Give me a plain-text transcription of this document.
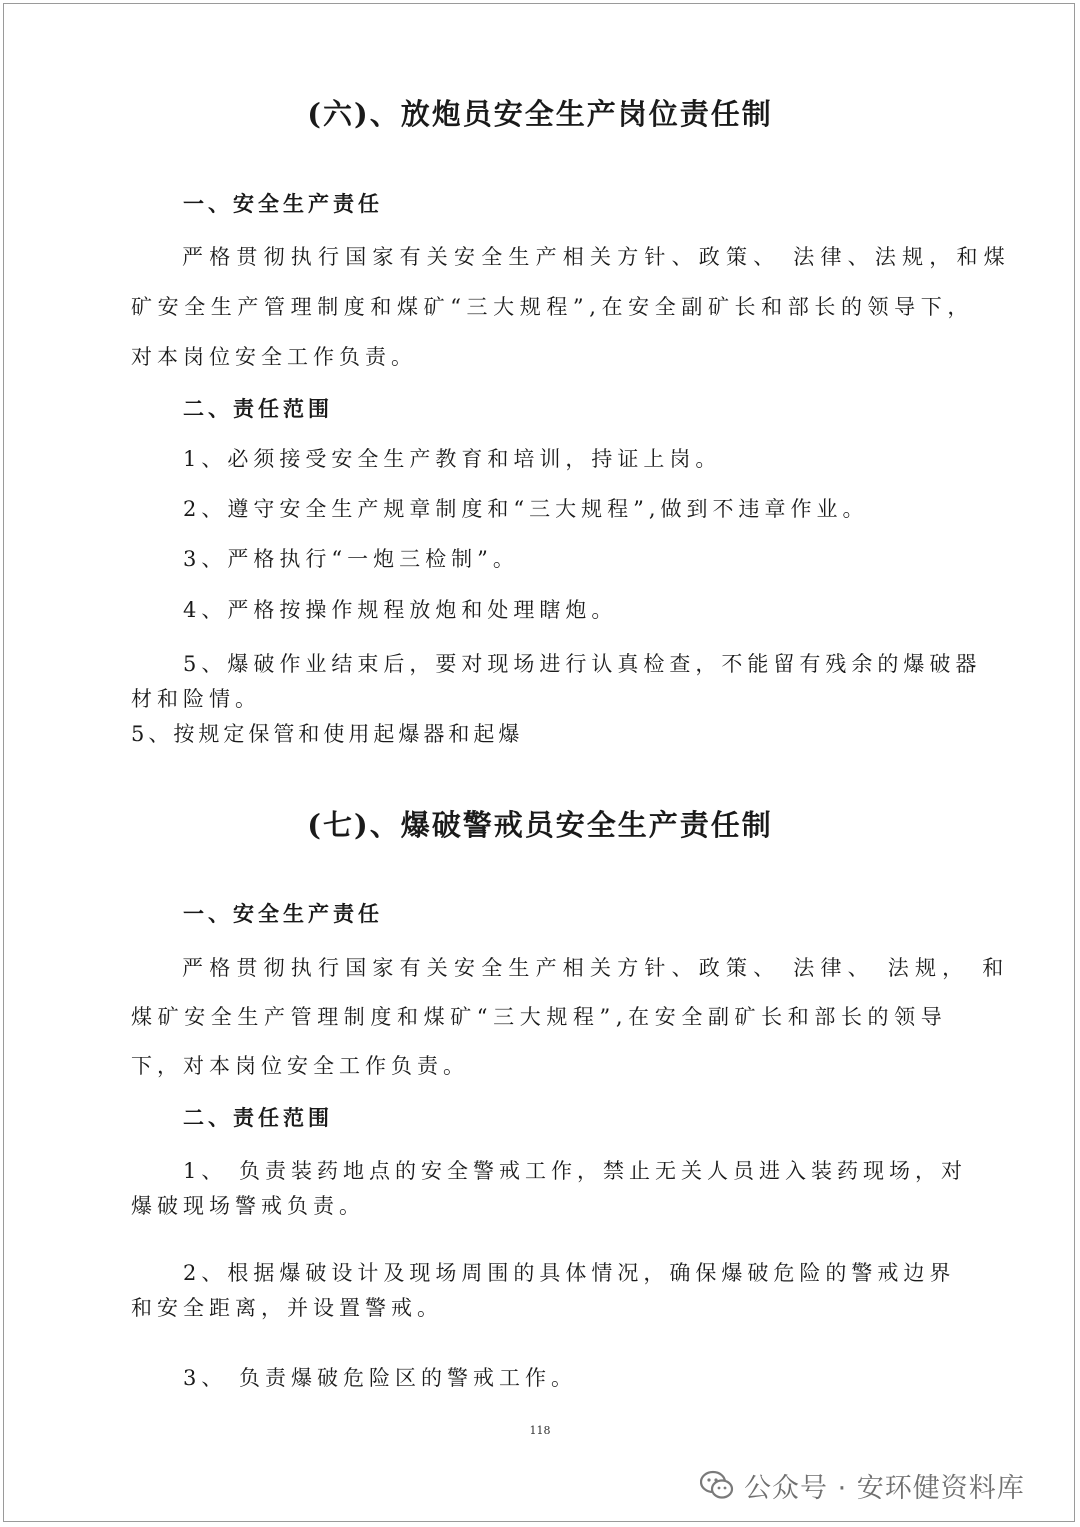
(六)、放炮员安全生产岗位责任制
一、安全生产责任
严格贯彻执行国家有关安全生产相关方针、政策、 法律、法规，和煤
矿安全生产管理制度和煤矿“三大规程”,在安全副矿长和部长的领导下，
对本岗位安全工作负责。
二、责任范围
1、必须接受安全生产教育和培训，持证上岗。
2、遵守安全生产规章制度和“三大规程”,做到不违章作业。
3、严格执行“一炮三检制”。
4、严格按操作规程放炮和处理瞎炮。
5、爆破作业结束后，要对现场进行认真检查，不能留有残余的爆破器
材和险情。
5、按规定保管和使用起爆器和起爆
(七)、爆破警戒员安全生产责任制
一、安全生产责任
严格贯彻执行国家有关安全生产相关方针、政策、 法律、 法规， 和
煤矿安全生产管理制度和煤矿“三大规程”,在安全副矿长和部长的领导
下，对本岗位安全工作负责。
二、责任范围
1、 负责装药地点的安全警戒工作，禁止无关人员进入装药现场，对
爆破现场警戒负责。
2、根据爆破设计及现场周围的具体情况，确保爆破危险的警戒边界
和安全距离，并设置警戒。
3、 负责爆破危险区的警戒工作。
118
公众号 · 安环健资料库
